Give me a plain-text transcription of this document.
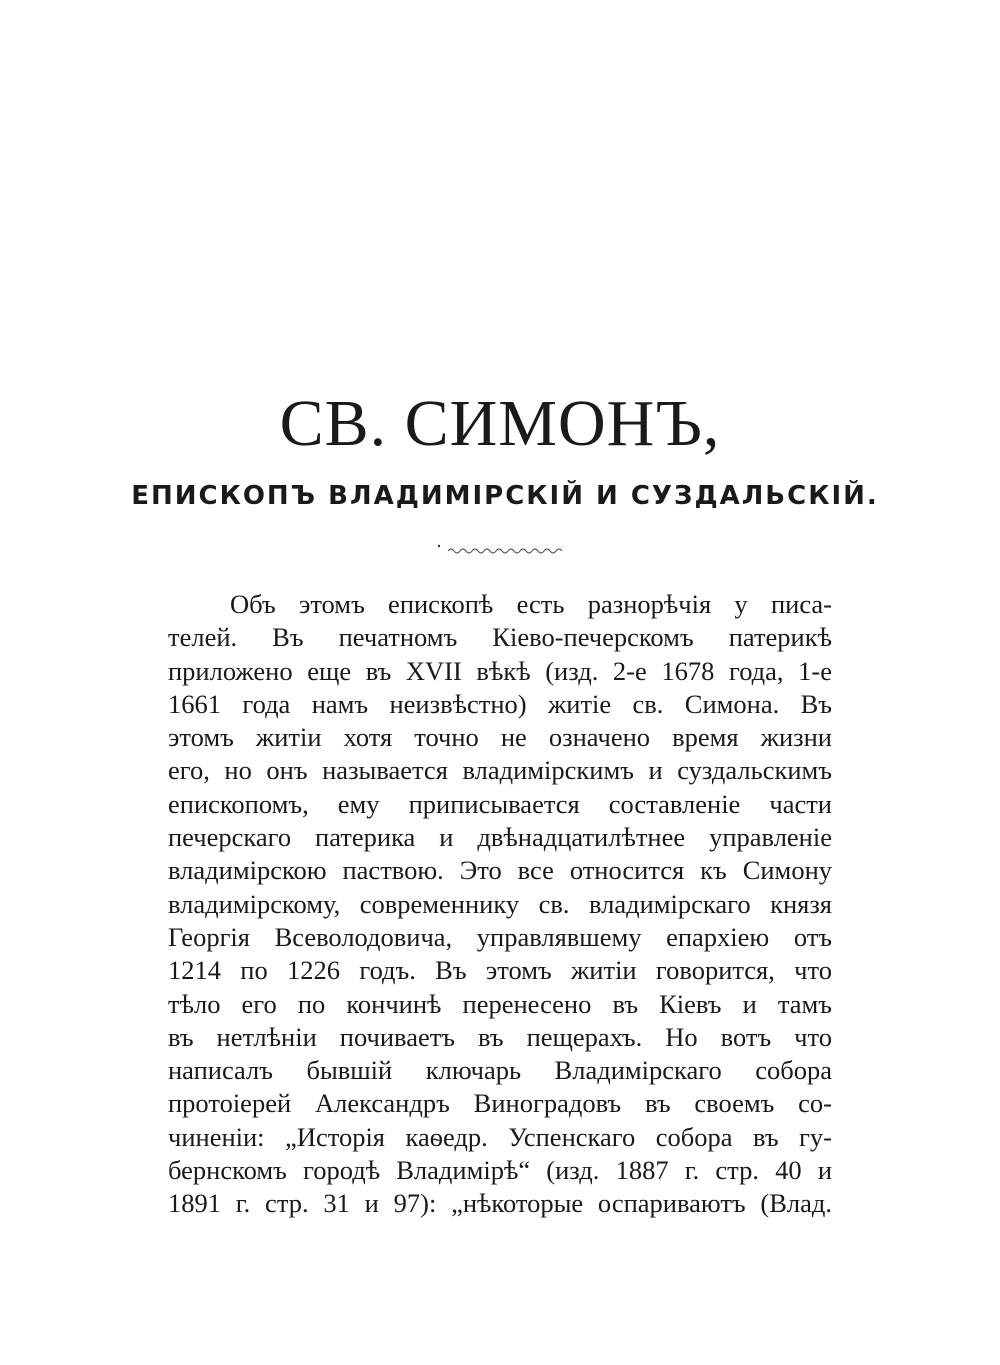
СВ. СИМОНЪ,
ЕПИСКОПЪ ВЛАДИМІРСКІЙ И СУЗДАЛЬСКІЙ.
Объ этомъ епископѣ есть разнорѣчія у писа-
телей. Въ печатномъ Кіево-печерскомъ патерикѣ
приложено еще въ XVII вѣкѣ (изд. 2-е 1678 года, 1-е
1661 года намъ неизвѣстно) житіе св. Симона. Въ
этомъ житіи хотя точно не означено время жизни
его, но онъ называется владимірскимъ и суздальскимъ
епископомъ, ему приписывается составленіе части
печерскаго патерика и двѣнадцатилѣтнее управленіе
владимірскою паствою. Это все относится къ Симону
владимірскому, современнику св. владимірскаго князя
Георгія Всеволодовича, управлявшему епархіею отъ
1214 по 1226 годъ. Въ этомъ житіи говорится, что
тѣло его по кончинѣ перенесено въ Кіевъ и тамъ
въ нетлѣніи почиваетъ въ пещерахъ. Но вотъ что
написалъ бывшій ключарь Владимірскаго собора
протоіерей Александръ Виноградовъ въ своемъ со-
чиненіи: „Исторія каѳедр. Успенскаго собора въ гу-
бернскомъ городѣ Владимірѣ“ (изд. 1887 г. стр. 40 и
1891 г. стр. 31 и 97): „нѣкоторые оспариваютъ (Влад.
